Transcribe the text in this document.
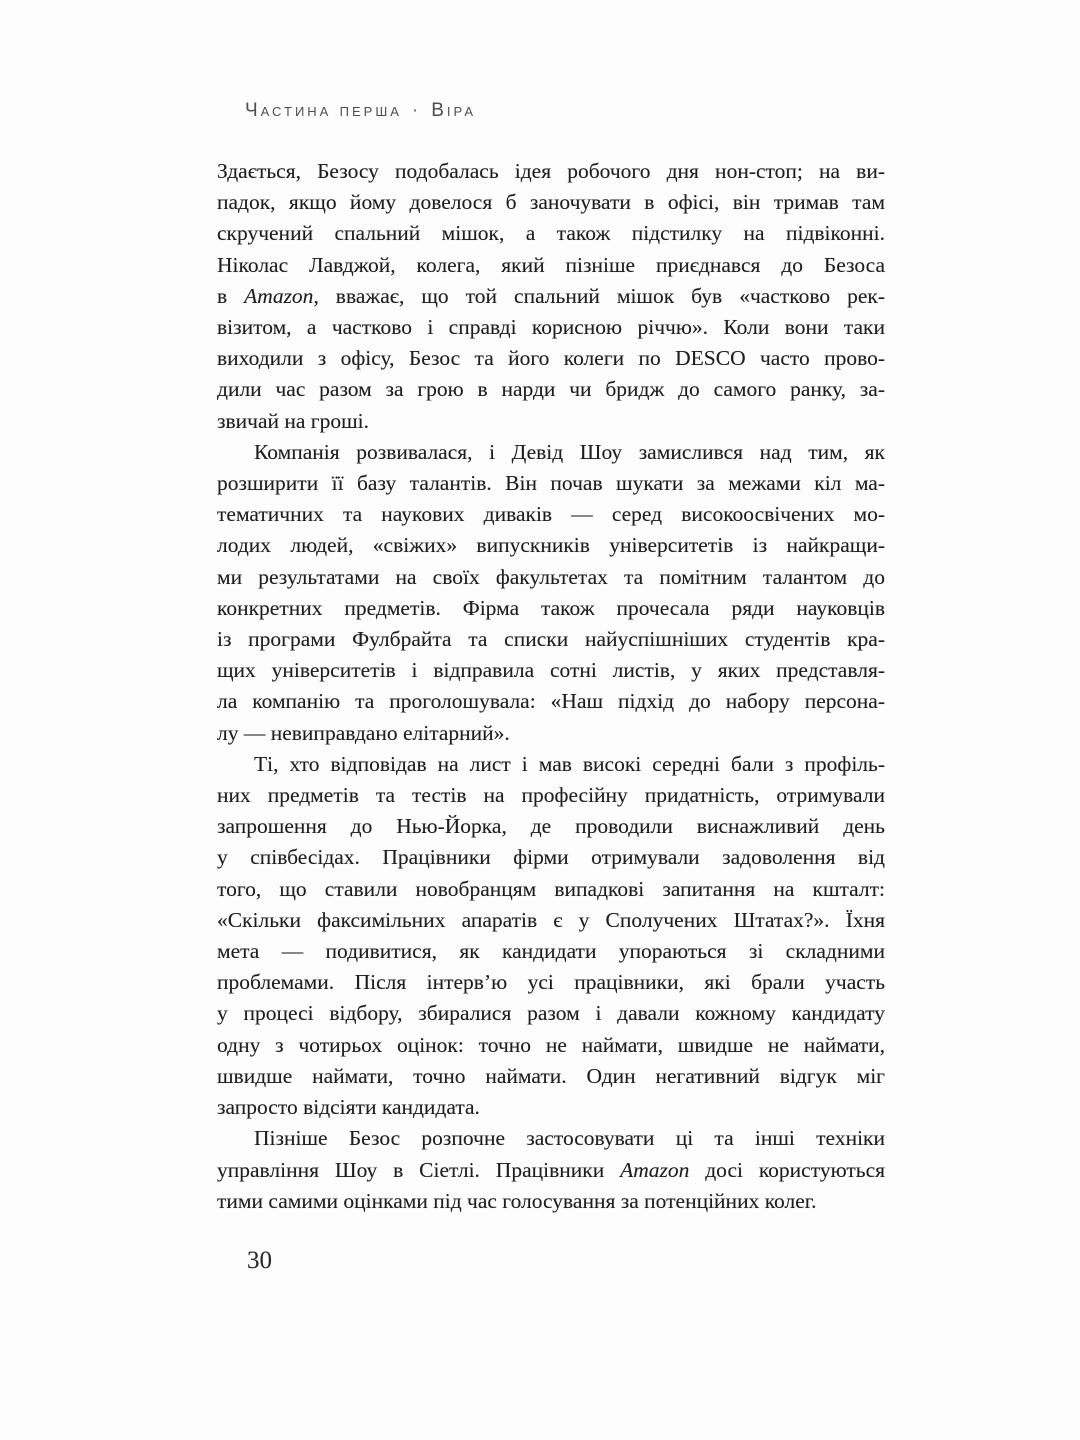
Частина перша · Віра
Здається, Безосу подобалась ідея робочого дня нон-стоп; на ви-
падок, якщо йому довелося б заночувати в офісі, він тримав там
скручений спальний мішок, а також підстилку на підвіконні.
Ніколас Лавджой, колега, який пізніше приєднався до Безоса
в Amazon, вважає, що той спальний мішок був «частково рек-
візитом, а частково і справді корисною річчю». Коли вони таки
виходили з офісу, Безос та його колеги по DESCO часто прово-
дили час разом за грою в нарди чи бридж до самого ранку, за-
звичай на гроші.
Компанія розвивалася, і Девід Шоу замислився над тим, як
розширити її базу талантів. Він почав шукати за межами кіл ма-
тематичних та наукових диваків — серед високоосвічених мо-
лодих людей, «свіжих» випускників університетів із найкращи-
ми результатами на своїх факультетах та помітним талантом до
конкретних предметів. Фірма також прочесала ряди науковців
із програми Фулбрайта та списки найуспішніших студентів кра-
щих університетів і відправила сотні листів, у яких представля-
ла компанію та проголошувала: «Наш підхід до набору персона-
лу — невиправдано елітарний».
Ті, хто відповідав на лист і мав високі середні бали з профіль-
них предметів та тестів на професійну придатність, отримували
запрошення до Нью-Йорка, де проводили виснажливий день
у співбесідах. Працівники фірми отримували задоволення від
того, що ставили новобранцям випадкові запитання на кшталт:
«Скільки факсимільних апаратів є у Сполучених Штатах?». Їхня
мета — подивитися, як кандидати упораються зі складними
проблемами. Після інтерв’ю усі працівники, які брали участь
у процесі відбору, збиралися разом і давали кожному кандидату
одну з чотирьох оцінок: точно не наймати, швидше не наймати,
швидше наймати, точно наймати. Один негативний відгук міг
запросто відсіяти кандидата.
Пізніше Безос розпочне застосовувати ці та інші техніки
управління Шоу в Сіетлі. Працівники Amazon досі користуються
тими самими оцінками під час голосування за потенційних колег.
30
